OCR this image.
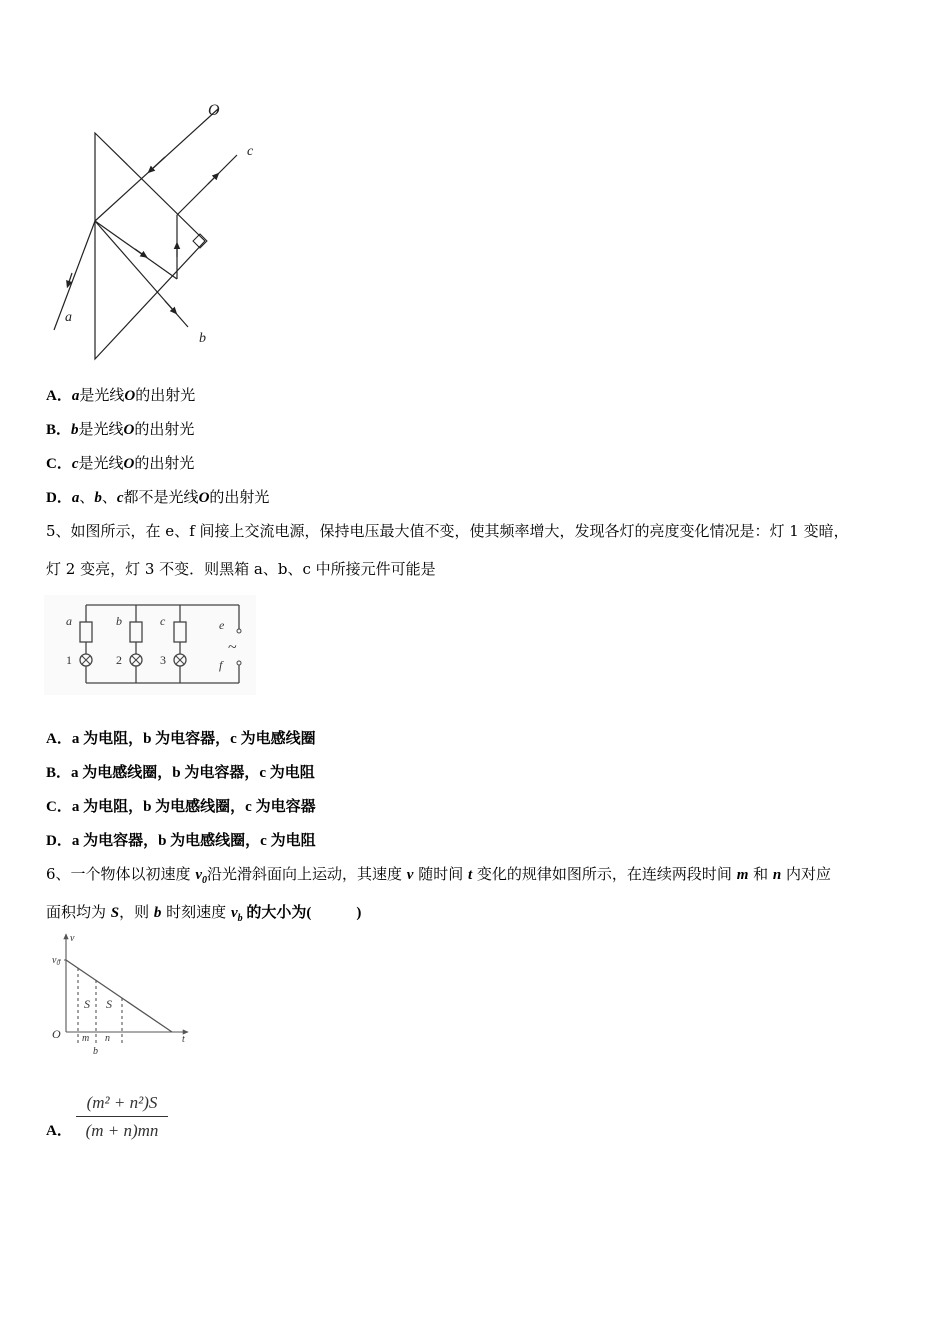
O
c
a
b
A．a是光线O的出射光
B．b是光线O的出射光
C．c是光线O的出射光
D．a、b、c都不是光线O的出射光
5、如图所示，在 e、f 间接上交流电源，保持电压最大值不变，使其频率增大，发现各灯的亮度变化情况是：灯 1 变暗，
灯 2 变亮，灯 3 不变．则黑箱 a、b、c 中所接元件可能是
a	b	c	e
f
1	2	3
~
A．a 为电阻，b 为电容器，c 为电感线圈
B．a 为电感线圈，b 为电容器，c 为电阻
C．a 为电阻，b 为电感线圈，c 为电容器
D．a 为电容器，b 为电感线圈，c 为电阻
6、一个物体以初速度 $v_0$沿光滑斜面向上运动，其速度 v 随时间 t 变化的规律如图所示，在连续两段时间 m 和 n 内对应
面积均为 S，则 b 时刻速度 $v_b$ 的大小为(　　　)
v
$v_0$
O	t
S S
m n
b
A．
(m² + n²)S
(m + n)mn
